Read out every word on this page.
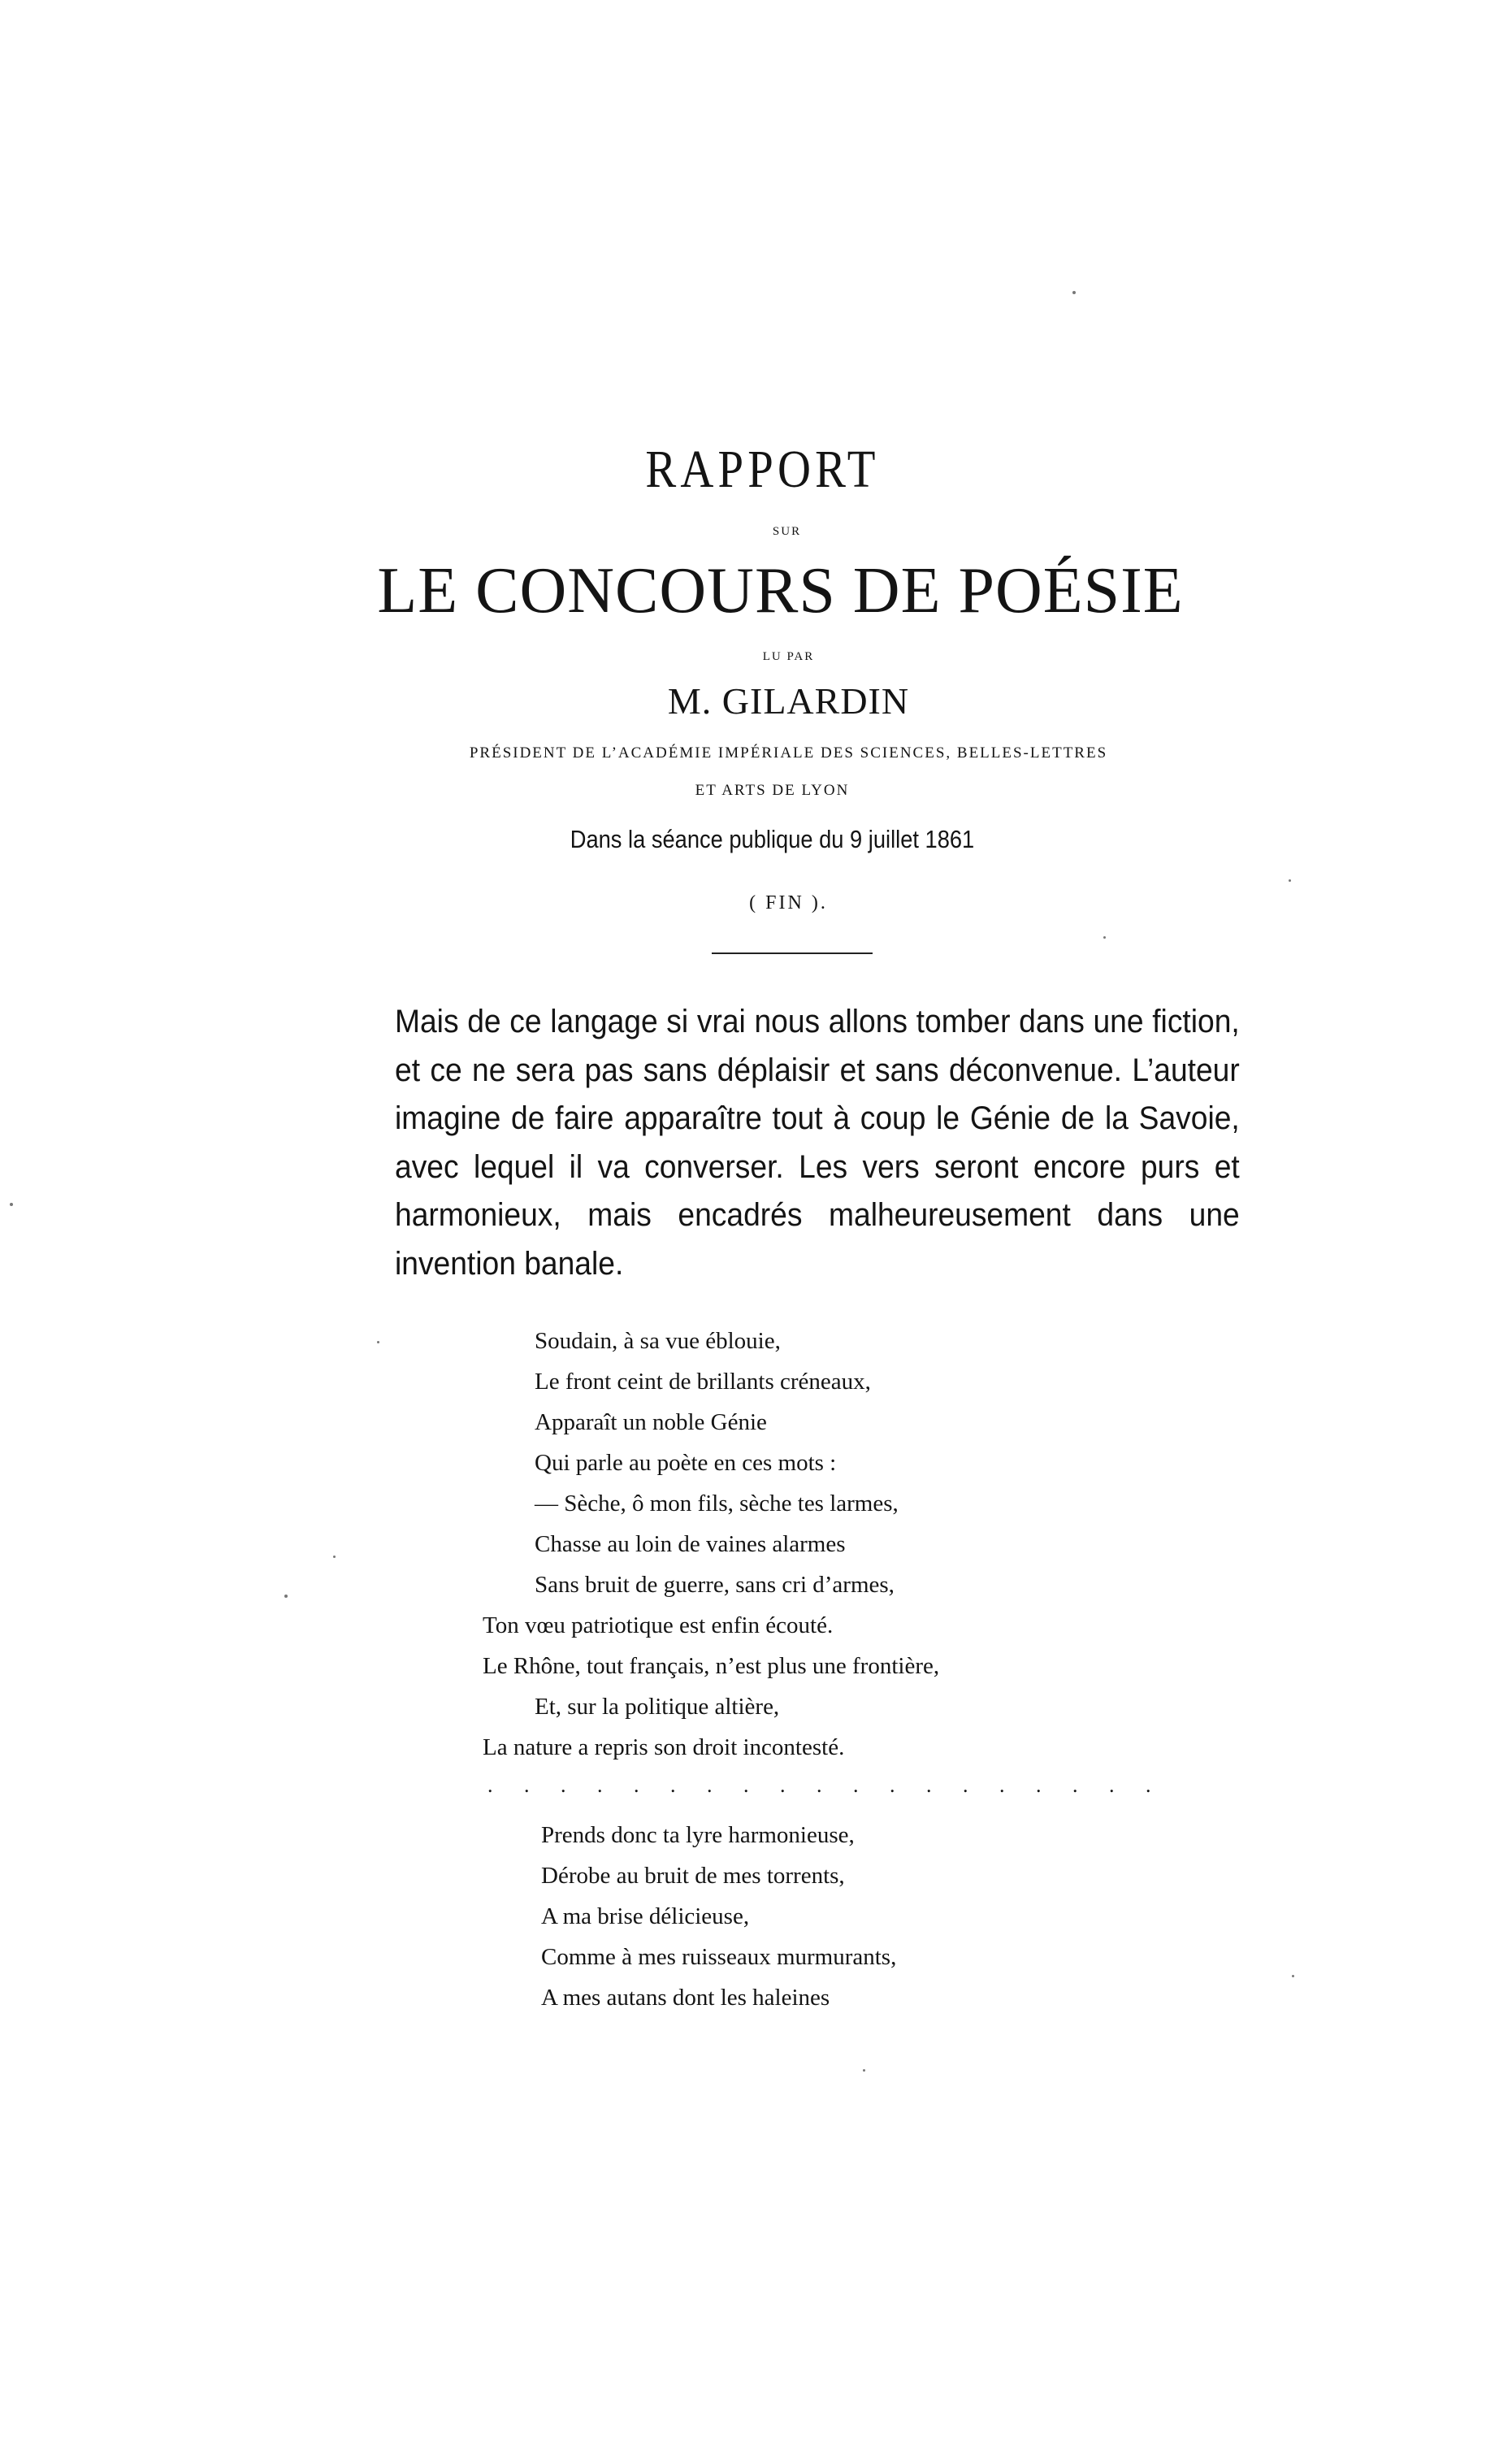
RAPPORT
SUR
LE CONCOURS DE POÉSIE
LU PAR
M. GILARDIN
PRÉSIDENT DE L’ACADÉMIE IMPÉRIALE DES SCIENCES, BELLES-LETTRES
ET ARTS DE LYON
Dans la séance publique du 9 juillet 1861
( FIN ).

Mais de ce langage si vrai nous allons tomber dans une fiction, et ce ne sera pas sans déplaisir et sans déconvenue. L’auteur imagine de faire apparaître tout à coup le Génie de la Savoie, avec lequel il va converser. Les vers seront encore purs et harmonieux, mais encadrés malheureusement dans une invention banale.

Soudain, à sa vue éblouie,
Le front ceint de brillants créneaux,
Apparaît un noble Génie
Qui parle au poète en ces mots :
— Sèche, ô mon fils, sèche tes larmes,
Chasse au loin de vaines alarmes
Sans bruit de guerre, sans cri d’armes,
Ton vœu patriotique est enfin écouté.
Le Rhône, tout français, n’est plus une frontière,
Et, sur la politique altière,
La nature a repris son droit incontesté.
. . . . . . . . . . . . . . . . . . .
Prends donc ta lyre harmonieuse,
Dérobe au bruit de mes torrents,
A ma brise délicieuse,
Comme à mes ruisseaux murmurants,
A mes autans dont les haleines
